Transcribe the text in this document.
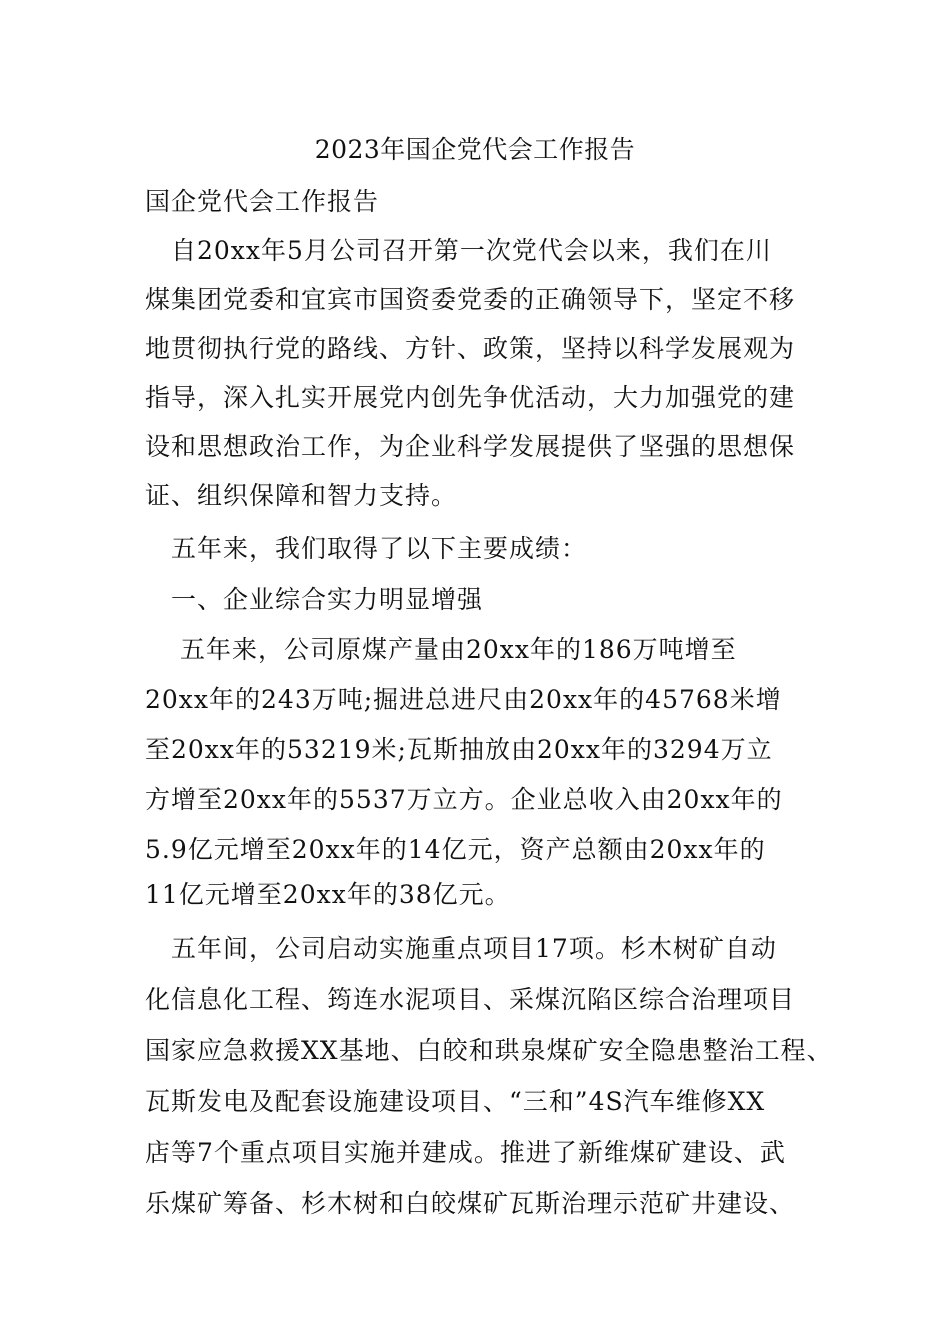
2023年国企党代会工作报告
国企党代会工作报告
　自20xx年5月公司召开第一次党代会以来，我们在川
煤集团党委和宜宾市国资委党委的正确领导下，坚定不移
地贯彻执行党的路线、方针、政策，坚持以科学发展观为
指导，深入扎实开展党内创先争优活动，大力加强党的建
设和思想政治工作，为企业科学发展提供了坚强的思想保
证、组织保障和智力支持。
　五年来，我们取得了以下主要成绩：
　一、企业综合实力明显增强
　 五年来，公司原煤产量由20xx年的186万吨增至
20xx年的243万吨;掘进总进尺由20xx年的45768米增
至20xx年的53219米;瓦斯抽放由20xx年的3294万立
方增至20xx年的5537万立方。企业总收入由20xx年的
5.9亿元增至20xx年的14亿元，资产总额由20xx年的
11亿元增至20xx年的38亿元。
　五年间，公司启动实施重点项目17项。杉木树矿自动
化信息化工程、筠连水泥项目、采煤沉陷区综合治理项目
国家应急救援XX基地、白皎和珙泉煤矿安全隐患整治工程、
瓦斯发电及配套设施建设项目、“三和”4S汽车维修XX
店等7个重点项目实施并建成。推进了新维煤矿建设、武
乐煤矿筹备、杉木树和白皎煤矿瓦斯治理示范矿井建设、
